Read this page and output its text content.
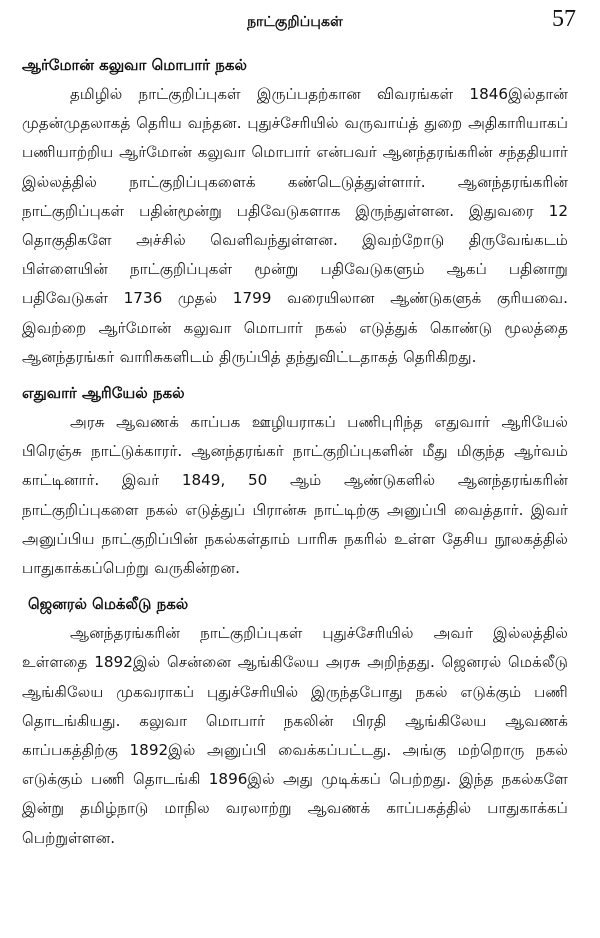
நாட்குறிப்புகள்	57
ஆர்மோன் கலுவா மொபார் நகல்

தமிழில் நாட்குறிப்புகள் இருப்பதற்கான விவரங்கள் 1846இல்தான் முதன்முதலாகத் தெரிய வந்தன. புதுச்சேரியில் வருவாய்த் துறை அதிகாரியாகப் பணியாற்றிய ஆர்மோன் கலுவா மொபார் என்பவர் ஆனந்தரங்கரின் சந்ததியார் இல்லத்தில் நாட்குறிப்புகளைக் கண்டெடுத்துள்ளார். ஆனந்தரங்கரின் நாட்குறிப்புகள் பதின்மூன்று பதிவேடுகளாக இருந்துள்ளன. இதுவரை 12 தொகுதிகளே அச்சில் வெளிவந்துள்ளன. இவற்றோடு திருவேங்கடம் பிள்ளையின் நாட்குறிப்புகள் மூன்று பதிவேடுகளும் ஆகப் பதினாறு பதிவேடுகள் 1736 முதல் 1799 வரையிலான ஆண்டுகளுக் குரியவை. இவற்றை ஆர்மோன் கலுவா மொபார் நகல் எடுத்துக் கொண்டு மூலத்தை ஆனந்தரங்கர் வாரிசுகளிடம் திருப்பித் தந்துவிட்டதாகத் தெரிகிறது.

எதுவார் ஆரியேல் நகல்

அரசு ஆவணக் காப்பக ஊழியராகப் பணிபுரிந்த எதுவார் ஆரியேல் பிரெஞ்சு நாட்டுக்காரர். ஆனந்தரங்கர் நாட்குறிப்புகளின் மீது மிகுந்த ஆர்வம் காட்டினார். இவர் 1849, 50 ஆம் ஆண்டுகளில் ஆனந்தரங்கரின் நாட்குறிப்புகளை நகல் எடுத்துப் பிரான்சு நாட்டிற்கு அனுப்பி வைத்தார். இவர் அனுப்பிய நாட்குறிப்பின் நகல்கள்தாம் பாரிசு நகரில் உள்ள தேசிய நூலகத்தில் பாதுகாக்கப்பெற்று வருகின்றன.

ஜெனரல் மெக்லீடு நகல்

ஆனந்தரங்கரின் நாட்குறிப்புகள் புதுச்சேரியில் அவர் இல்லத்தில் உள்ளதை 1892இல் சென்னை ஆங்கிலேய அரசு அறிந்தது. ஜெனரல் மெக்லீடு ஆங்கிலேய முகவராகப் புதுச்சேரியில் இருந்தபோது நகல் எடுக்கும் பணி தொடங்கியது. கலுவா மொபார் நகலின் பிரதி ஆங்கிலேய ஆவணக் காப்பகத்திற்கு 1892இல் அனுப்பி வைக்கப்பட்டது. அங்கு மற்றொரு நகல் எடுக்கும் பணி தொடங்கி 1896இல் அது முடிக்கப் பெற்றது. இந்த நகல்களே இன்று தமிழ்நாடு மாநில வரலாற்று ஆவணக் காப்பகத்தில் பாதுகாக்கப் பெற்றுள்ளன.
